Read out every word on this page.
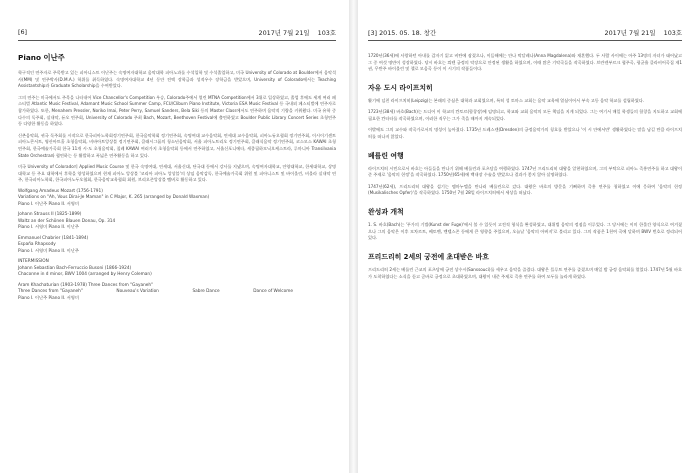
[6]	2017년 7월 21일 103호
Piano 이난주

학구적인 연주자로 주목받고 있는 피아니스트 이난주는 숙명여자대학교 음악대학 피아노과를 수석입학 및 수석졸업하고, 미국 University of Colorado at Boulder에서 음악석사(MM) 및 연주박사(D.M.A.) 학위를 취득하였다. 숙명여자대학교 4년 동안 전액 장학금과 성적우수 장학금을 받았으며, University of Colorado에서는 Teaching Assistantship과 Graduate Scholarship을 수여받았다.

그의 연주는 미국에서도 주목을 나타내어 Vice Chancellor's Competition 우승, Colorado주에서 열린 MTNA Competition에서 3위로 입상하였고, 졸업 후에도 세계 여러 페스티벌 Atlantic Music Festival, Adamant Music School Summer Camp, FCU/Cliburn Piano Institute, Victoria ESA Music Festival 등 국내외 페스티벌에 연주자로 참가하였다. 또한, Menahem Pressler, Noriko Imai, Peter Perry, Samuel Sanders, Bela Siki 등의 Master Class에서도 연주하며 음악적 기량을 키워왔다. 미국 유학 중 다수의 독주회, 실내악, 듀오 연주회, University of Colorado 주최 Bach, Mozart, Beethoven Festival에 출연하였고 Boulder Public Library Concert Series 초청연주 등 다양한 활동을 하였다.

신촌음악회, 귀국 독주회를 시작으로 한국피아노학회정기연주회, 한국음악학회 정기연주회, 숙명여대 교수음악회, 연세대 교수음악회, 피아노듀오협회 정기연주회, 이시이기센트피아노콘서트, 영산아트홀 초청음악회, 비바아트앙상블 정기연주회, 클래시그룹의 청소년음악회, 서울 피아노트리오 정기연주회, 클래식음악 정기연주회, 코스모스 KAWAI 초청연주회, 한국예술가곡회 한국 11개 시·도 초청음악회, 칠레 KAWAI 여러가지 초청음악회 등에서 연주하였고, 서울신포니에타, 세종필하모닉오케스트라, 루마니아 Transilvania State Orchestra와 협연하는 등 활발하고 폭넓은 연주활동을 하고 있다.

미국 University of Colorado의 Applied Music Course 및 한국 숙명여대, 연세대, 서울신대, 단국대 등에서 강사를 지냈으며, 숙명여자대학교, 안양대학교, 한세대학교, 상명대학교 등 주요 대학에서 후학을 양성하였으며 현재 피아노 앙상블 '코리아 피아노 앙상블'의 상임 음악감독, 한국예술가곡회 위원 및 피아니스트 및 바이올린, 비올라 실내악 연주, 한국피아노학회, 한국피아노두오협회, 한국음악교육협회 회원, 브리오존앙상블 멤버로 활동하고 있다.

Wolfgang Amadeus Mozart (1756-1791)
Variations on "Ah, Vous Dirai-Je Maman" in C Major, K. 265 (arranged by Donald Waxman)
Piano I. 이난주 Piano II. 서영미
Johann Strauss II (1825-1899)
Waltz an der Schönen Blauen Donau, Op. 314
Piano I. 서영미 Piano II. 이난주
Emmanuel Chabrier (1841-1894)
España Rhapsody
Piano I. 서영미 Piano II. 이난주
INTERMISSION
Johann Sebastian Bach-Ferruccio Busoni (1866-1924)
Chaconne in d minor, BWV 1004 (arranged by Henry Coleman)
Aram Khachaturian (1903-1978) Three Dances from "Gayaneh"
Three Dances from "Gayaneh"	Nouveau's Variation	Sabre Dance	Dance of Welcome
Piano I. 이난주 Piano II. 서영미
[3] 2015. 05. 18. 창간	2017년 7월 21일 103호

1720년(36세)에 사랑하던 아내를 갑자기 잃고 비탄에 잠겼으나, 이듬해에는 안나 막달레나(Anna Magdalena)와 재혼했다. 두 사람 사이에는 아주 13명의 자녀가 태어났고 그 중 여섯 명만이 성장하였다. 당시 바흐는 쾨텐 궁정의 악장으로 안정된 생활을 하였으며, 이때 많은 기악곡들을 작곡하였다. 브란덴부르크 협주곡, 평균율 클라비어곡집 제1권, 무반주 바이올린 및 첼로 모음곡 등이 이 시기의 작품들이다.

자유 도시 라이프치히

활기에 넘친 라이프치히(Leipzig)는 본래의 중심은 대학과 교회였으며, 특히 성 토마스 교회는 음악 교육에 열심이어서 부속 고등 음악 학교를 설립하였다.

1723년(38세) 바흐(Bach)는 드디어 이 학교의 칸토르(합창장)에 임명되고, 학교와 교회 음악의 모든 책임을 지게 되었다. 그는 여기서 매일 학생들의 합창을 지도하고 교회에 필요한 칸타타를 작곡하였으며, 이러한 직무는 그가 죽을 때까지 계속되었다.

이밖에도 그의 교수와 작곡가로서의 명성이 높아졌다. 1735년 드레스덴(Dresden)의 궁정음악가의 칭호를 받았으나 '이 시 안에서만' 생활하였다는 말을 남길 만큼 라이프치히를 떠나지 않았다.

베를린 여행

라이프치히 시민으로서 바흐는 아들들을 만나기 위해 베를린과 포츠담을 여행하였다. 1747년 프리드리히 대왕을 알현하였으며, 그의 부탁으로 피아노 즉흥연주를 하고 대왕이 준 주제로 '음악의 헌정'을 작곡하였다. 1750년(65세)에 백내장 수술을 받았으나 결과가 좋지 않아 실명하였다.

1747년(62세), 프리드리히 대왕을 섬기는 엠마누엘을 만나러 베를린으로 갔다. 대왕은 바흐의 방문을 기뻐하며 즉흥 연주를 청하였고 이에 응하여 '음악의 헌정(Musikalisches Opfer)'을 작곡하였다. 1750년 7월 28일 라이프치히에서 세상을 떠났다.

완성과 개척

1. S. 바흐(Bach)는 '푸가의 기법(Kunst der Fuge)'에서 볼 수 있듯이 고전적 형식을 완성하였고, 대위법 음악의 정점을 이루었다. 그 당시에는 이미 한물간 양식으로 여겨졌으나 그의 음악은 이후 모차르트, 베토벤, 멘델스존 등에게 큰 영향을 주었으며, 오늘날 '음악의 아버지'로 불리고 있다. 그의 작품은 1천여 곡에 달하며 BWV 번호로 정리되어 있다.

프리드리히 2세의 궁전에 초대받은 바흐

프리드리히 2세는 베를린 근교의 포츠담에 궁전 상수시(Sanssouci)를 세우고 음악을 즐겼다. 대왕은 플루트 연주를 즐겼으며 매일 밤 궁정 음악회를 열었다. 1747년 5월 바흐가 도착하였다는 소식을 듣고 곧바로 궁정으로 초대하였으며, 대왕이 내준 주제로 즉흥 연주를 하여 모두를 놀라게 하였다.
